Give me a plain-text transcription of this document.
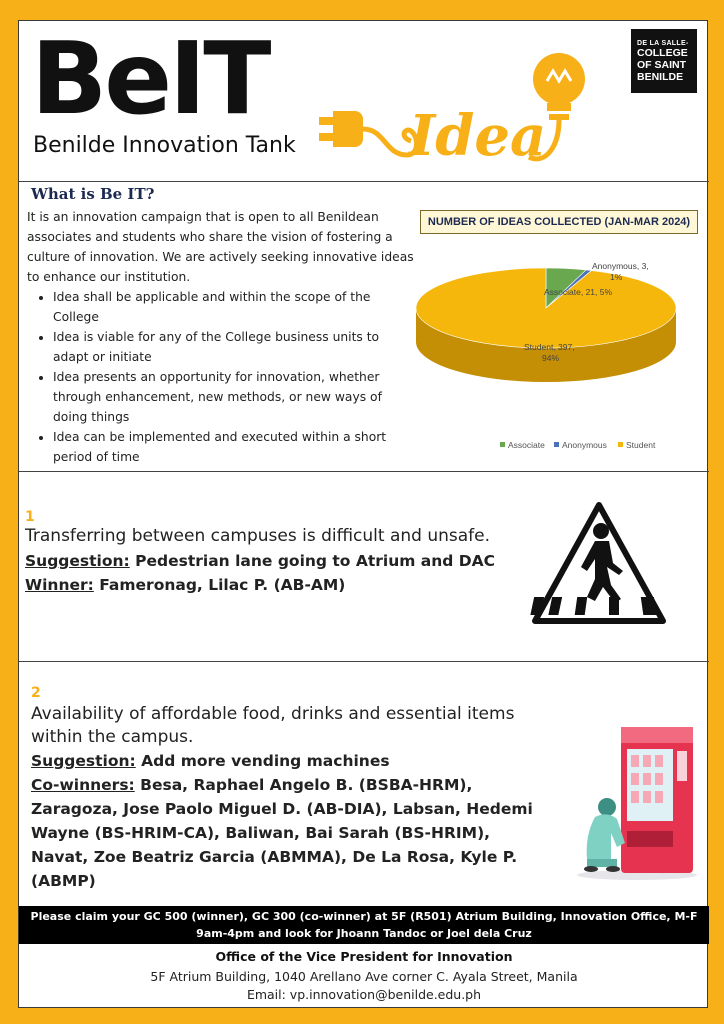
BeIT
Benilde Innovation Tank Idea
DE LA SALLE-
COLLEGE
OF SAINT
BENILDE
What is Be IT?

It is an innovation campaign that is open to all Benildean associates and students who share the vision of fostering a culture of innovation. We are actively seeking innovative ideas to enhance our institution.

• Idea shall be applicable and within the scope of the College
• Idea is viable for any of the College business units to adapt or initiate
• Idea presents an opportunity for innovation, whether through enhancement, new methods, or new ways of doing things
• Idea can be implemented and executed within a short period of time
NUMBER OF IDEAS COLLECTED (JAN-MAR 2024)
Associate, 21, 5%
Anonymous, 3,
1%
Student, 397,
94%
Associate Anonymous Student
1
Transferring between campuses is difficult and unsafe.
Suggestion: Pedestrian lane going to Atrium and DAC
Winner: Fameronag, Lilac P. (AB-AM)
2
Availability of affordable food, drinks and essential items
within the campus.
Suggestion: Add more vending machines
Co-winners: Besa, Raphael Angelo B. (BSBA-HRM), Zaragoza, Jose Paolo Miguel D. (AB-DIA), Labsan, Hedemi Wayne (BS-HRIM-CA), Baliwan, Bai Sarah (BS-HRIM), Navat, Zoe Beatriz Garcia (ABMMA), De La Rosa, Kyle P. (ABMP)
Please claim your GC 500 (winner), GC 300 (co-winner) at 5F (R501) Atrium Building, Innovation Office, M-F
9am-4pm and look for Jhoann Tandoc or Joel dela Cruz
Office of the Vice President for Innovation
5F Atrium Building, 1040 Arellano Ave corner C. Ayala Street, Manila
Email: vp.innovation@benilde.edu.ph
